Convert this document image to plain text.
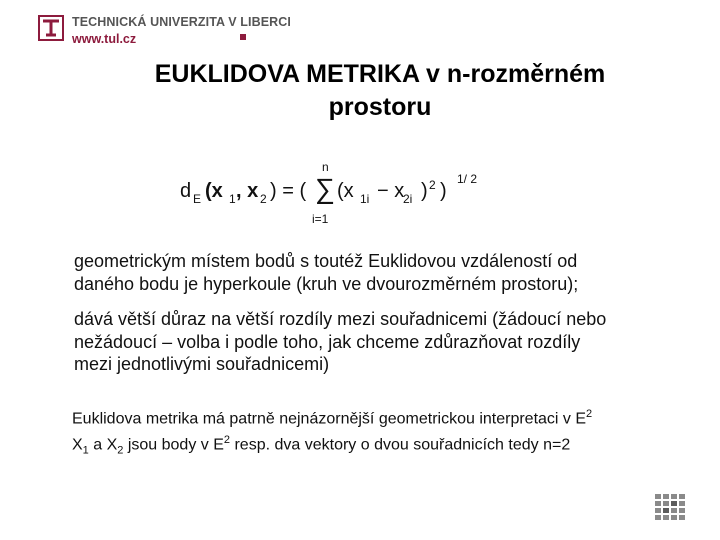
TECHNICKÁ UNIVERZITA V LIBERCI
www.tul.cz
EUKLIDOVA METRIKA v n-rozměrném
prostoru
d E (x 1 , x 2 ) = (
n
∑
i=1
(x 1i − x
2i ) 2 )
1/ 2
geometrickým místem bodů s toutéž Euklidovou vzdáleností od
daného bodu je hyperkoule (kruh ve dvourozměrném prostoru);
dává větší důraz na větší rozdíly mezi souřadnicemi (žádoucí nebo
nežádoucí – volba i podle toho, jak chceme zdůrazňovat rozdíly
mezi jednotlivými souřadnicemi)
Euklidova metrika má patrně nejnázornější geometrickou interpretaci v $E^2$
$X_1$ a $X_2$ jsou body v $E^2$ resp. dva vektory o dvou souřadnicích tedy n=2
